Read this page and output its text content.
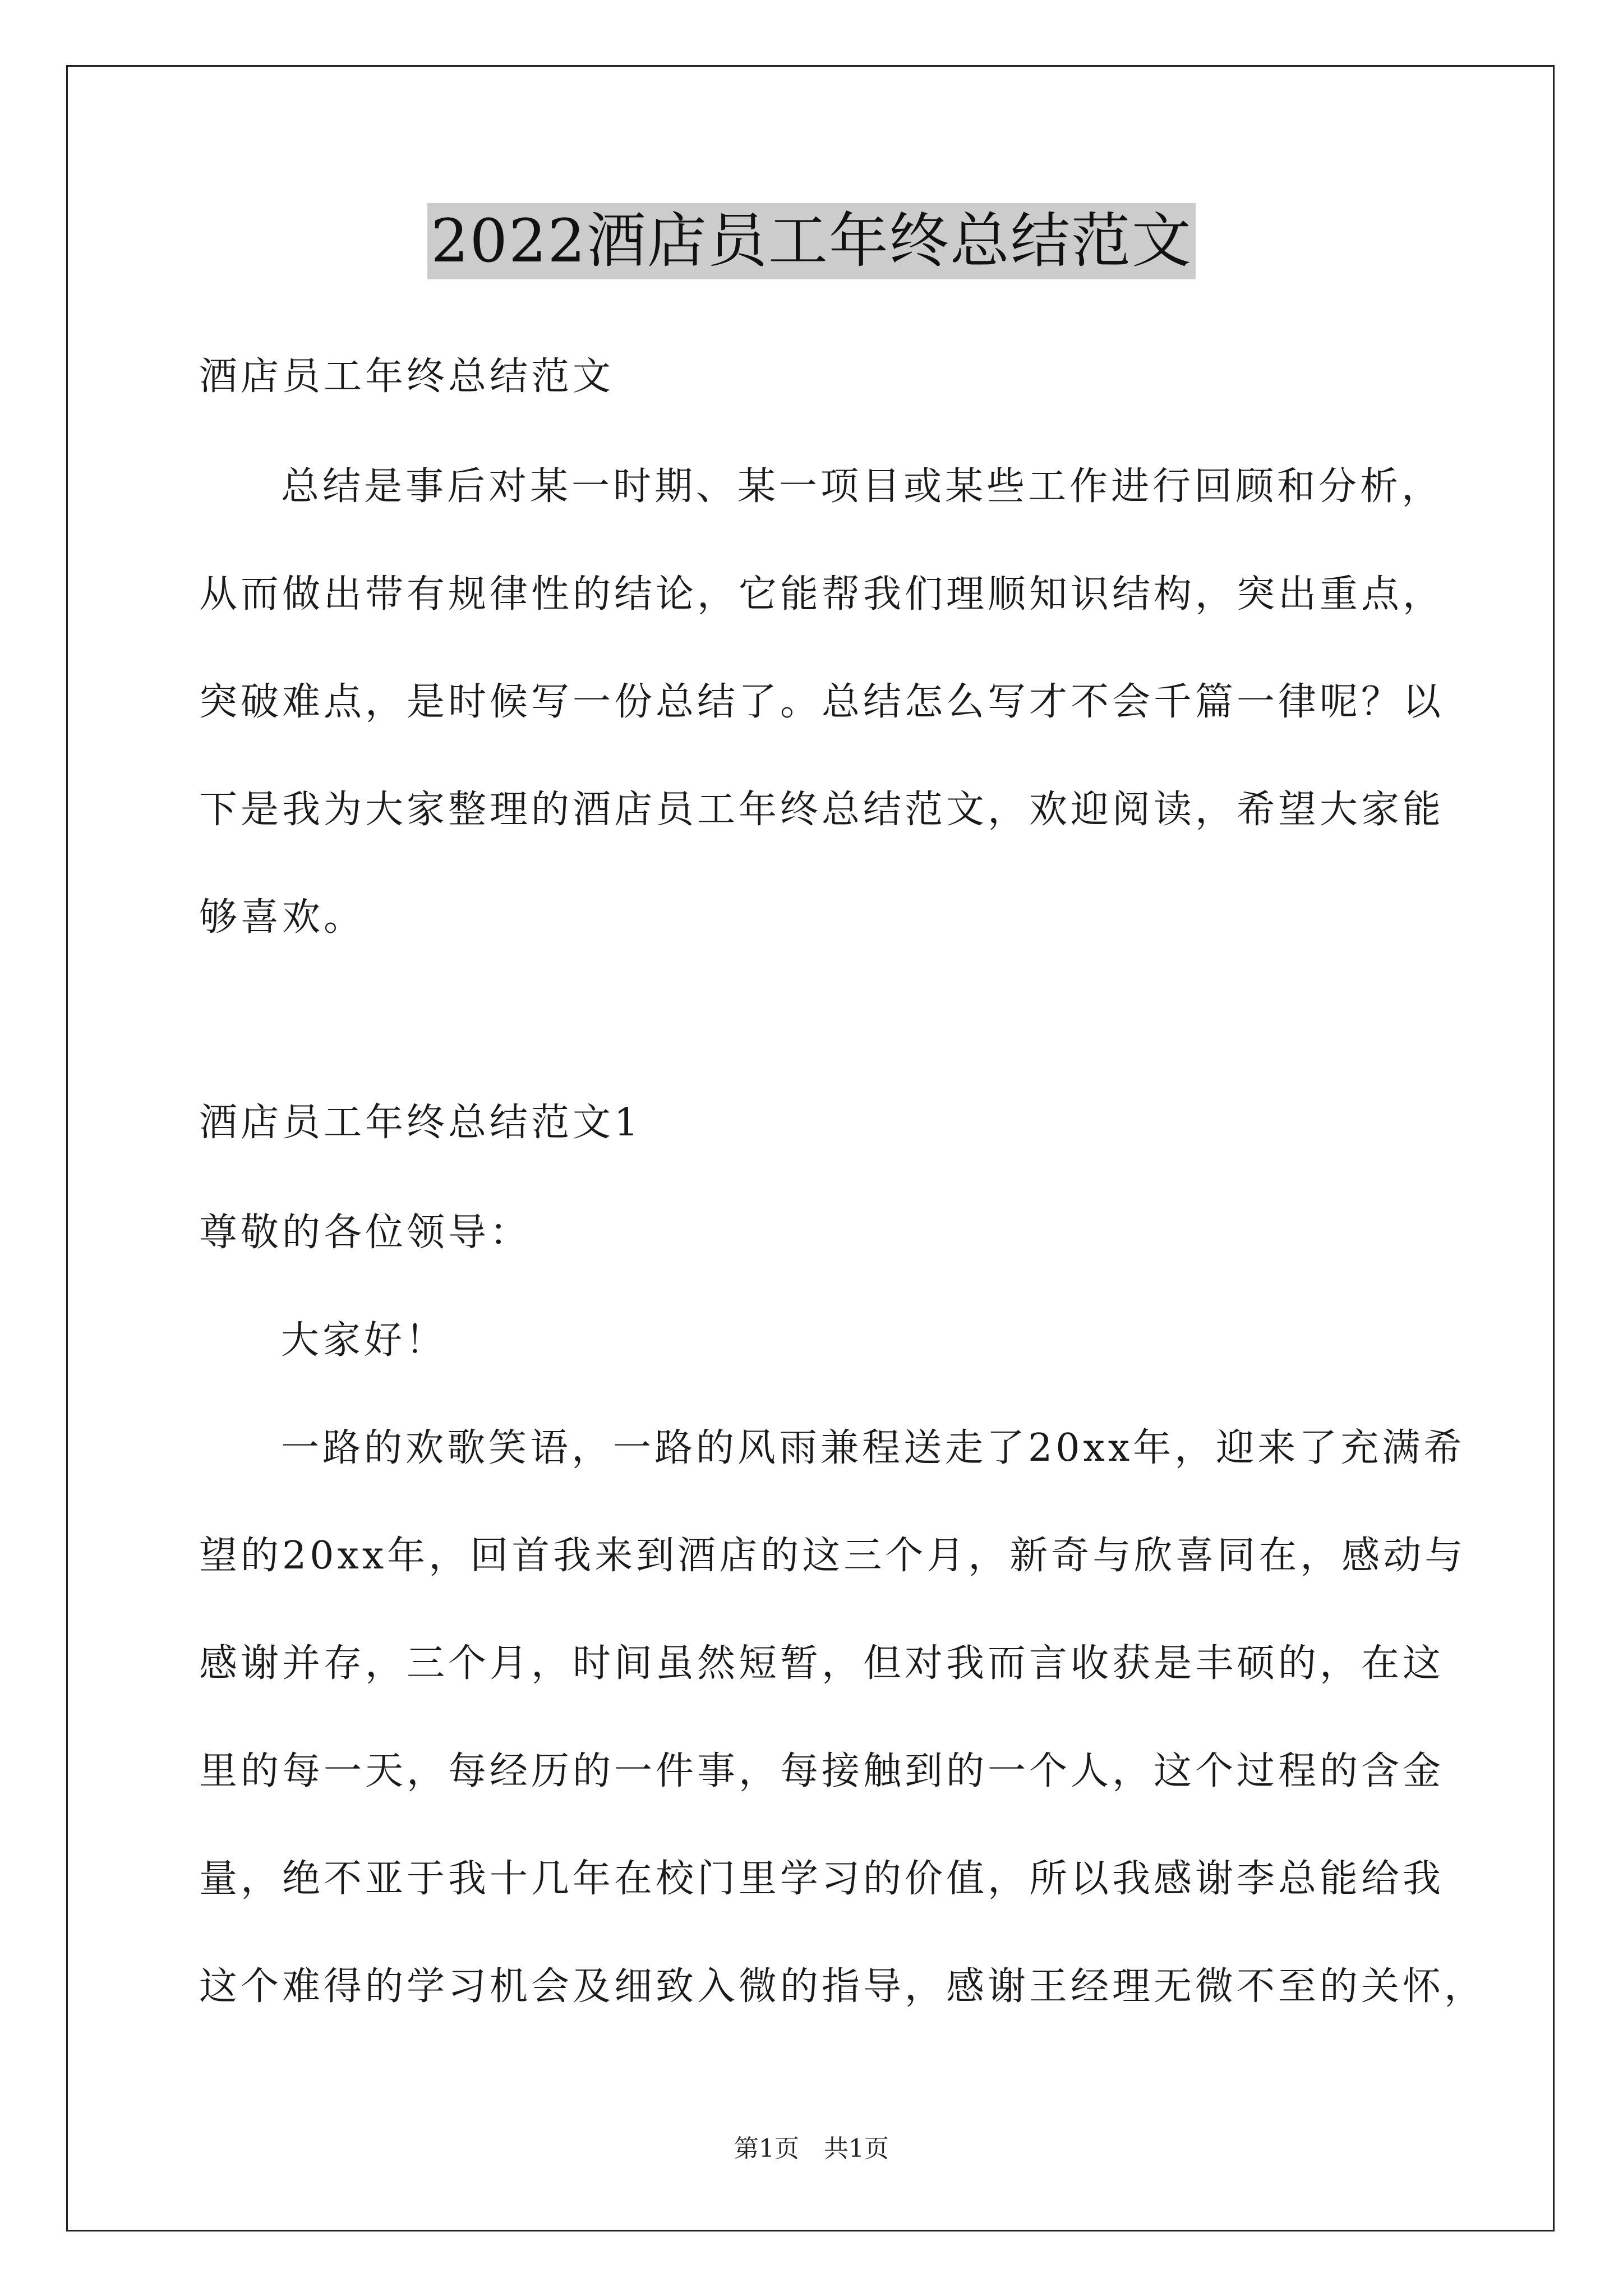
2022酒店员工年终总结范文
酒店员工年终总结范文
总结是事后对某一时期、某一项目或某些工作进行回顾和分析，
从而做出带有规律性的结论，它能帮我们理顺知识结构，突出重点，
突破难点，是时候写一份总结了。总结怎么写才不会千篇一律呢？以
下是我为大家整理的酒店员工年终总结范文，欢迎阅读，希望大家能
够喜欢。
酒店员工年终总结范文1
尊敬的各位领导：
大家好！
一路的欢歌笑语，一路的风雨兼程送走了20xx年，迎来了充满希
望的20xx年，回首我来到酒店的这三个月，新奇与欣喜同在，感动与
感谢并存，三个月，时间虽然短暂，但对我而言收获是丰硕的，在这
里的每一天，每经历的一件事，每接触到的一个人，这个过程的含金
量，绝不亚于我十几年在校门里学习的价值，所以我感谢李总能给我
这个难得的学习机会及细致入微的指导，感谢王经理无微不至的关怀，
第1页　共1页
